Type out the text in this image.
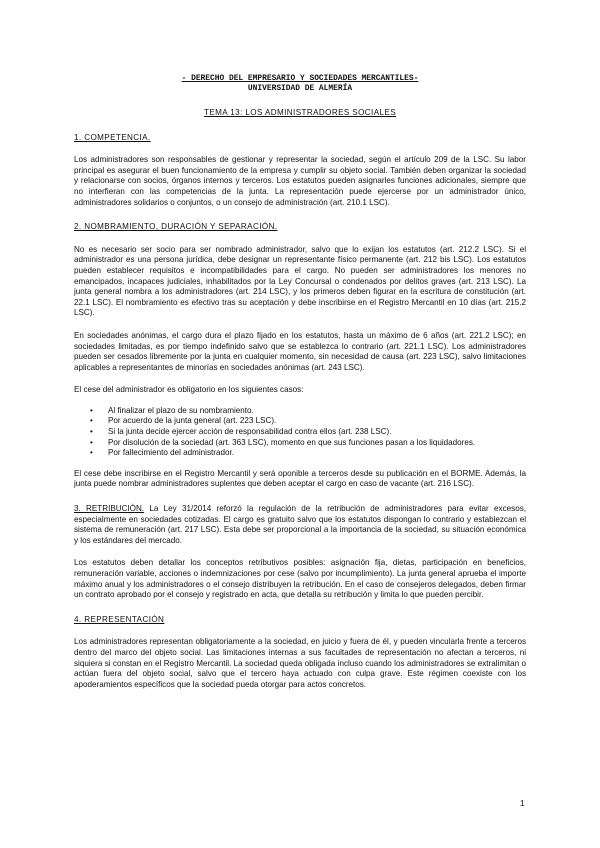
- DERECHO DEL EMPRESARIO Y SOCIEDADES MERCANTILES-
UNIVERSIDAD DE ALMERÍA
TEMA 13: LOS ADMINISTRADORES SOCIALES
1. COMPETENCIA.

Los administradores son responsables de gestionar y representar la sociedad, según el artículo 209 de la LSC. Su labor principal es asegurar el buen funcionamiento de la empresa y cumplir su objeto social. También deben organizar la sociedad y relacionarse con socios, órganos internos y terceros. Los estatutos pueden asignarles funciones adicionales, siempre que no interfieran con las competencias de la junta. La representación puede ejercerse por un administrador único, administradores solidarios o conjuntos, o un consejo de administración (art. 210.1 LSC).

2. NOMBRAMIENTO, DURACIÓN Y SEPARACIÓN.

No es necesario ser socio para ser nombrado administrador, salvo que lo exijan los estatutos (art. 212.2 LSC). Si el administrador es una persona jurídica, debe designar un representante físico permanente (art. 212 bis LSC). Los estatutos pueden establecer requisitos e incompatibilidades para el cargo. No pueden ser administradores los menores no emancipados, incapaces judiciales, inhabilitados por la Ley Concursal o condenados por delitos graves (art. 213 LSC). La junta general nombra a los administradores (art. 214 LSC), y los primeros deben figurar en la escritura de constitución (art. 22.1 LSC). El nombramiento es efectivo tras su aceptación y debe inscribirse en el Registro Mercantil en 10 días (art. 215.2 LSC).

En sociedades anónimas, el cargo dura el plazo fijado en los estatutos, hasta un máximo de 6 años (art. 221.2 LSC); en sociedades limitadas, es por tiempo indefinido salvo que se establezca lo contrario (art. 221.1 LSC). Los administradores pueden ser cesados libremente por la junta en cualquier momento, sin necesidad de causa (art. 223 LSC), salvo limitaciones aplicables a representantes de minorías en sociedades anónimas (art. 243 LSC).

El cese del administrador es obligatorio en los siguientes casos:

• Al finalizar el plazo de su nombramiento.
• Por acuerdo de la junta general (art. 223 LSC).
• Si la junta decide ejercer acción de responsabilidad contra ellos (art. 238 LSC).
• Por disolución de la sociedad (art. 363 LSC), momento en que sus funciones pasan a los liquidadores.
• Por fallecimiento del administrador.

El cese debe inscribirse en el Registro Mercantil y será oponible a terceros desde su publicación en el BORME. Además, la junta puede nombrar administradores suplentes que deben aceptar el cargo en caso de vacante (art. 216 LSC).

3. RETRIBUCIÓN. La Ley 31/2014 reforzó la regulación de la retribución de administradores para evitar excesos, especialmente en sociedades cotizadas. El cargo es gratuito salvo que los estatutos dispongan lo contrario y establezcan el sistema de remuneración (art. 217 LSC). Esta debe ser proporcional a la importancia de la sociedad, su situación económica y los estándares del mercado.

Los estatutos deben detallar los conceptos retributivos posibles: asignación fija, dietas, participación en beneficios, remuneración variable, acciones o indemnizaciones por cese (salvo por incumplimiento). La junta general aprueba el importe máximo anual y los administradores o el consejo distribuyen la retribución. En el caso de consejeros delegados, deben firmar un contrato aprobado por el consejo y registrado en acta, que detalla su retribución y limita lo que pueden percibir.

4. REPRESENTACIÓN

Los administradores representan obligatoriamente a la sociedad, en juicio y fuera de él, y pueden vincularla frente a terceros dentro del marco del objeto social. Las limitaciones internas a sus facultades de representación no afectan a terceros, ni siquiera si constan en el Registro Mercantil. La sociedad queda obligada incluso cuando los administradores se extralimitan o actúan fuera del objeto social, salvo que el tercero haya actuado con culpa grave. Este régimen coexiste con los apoderamientos específicos que la sociedad pueda otorgar para actos concretos.

1
